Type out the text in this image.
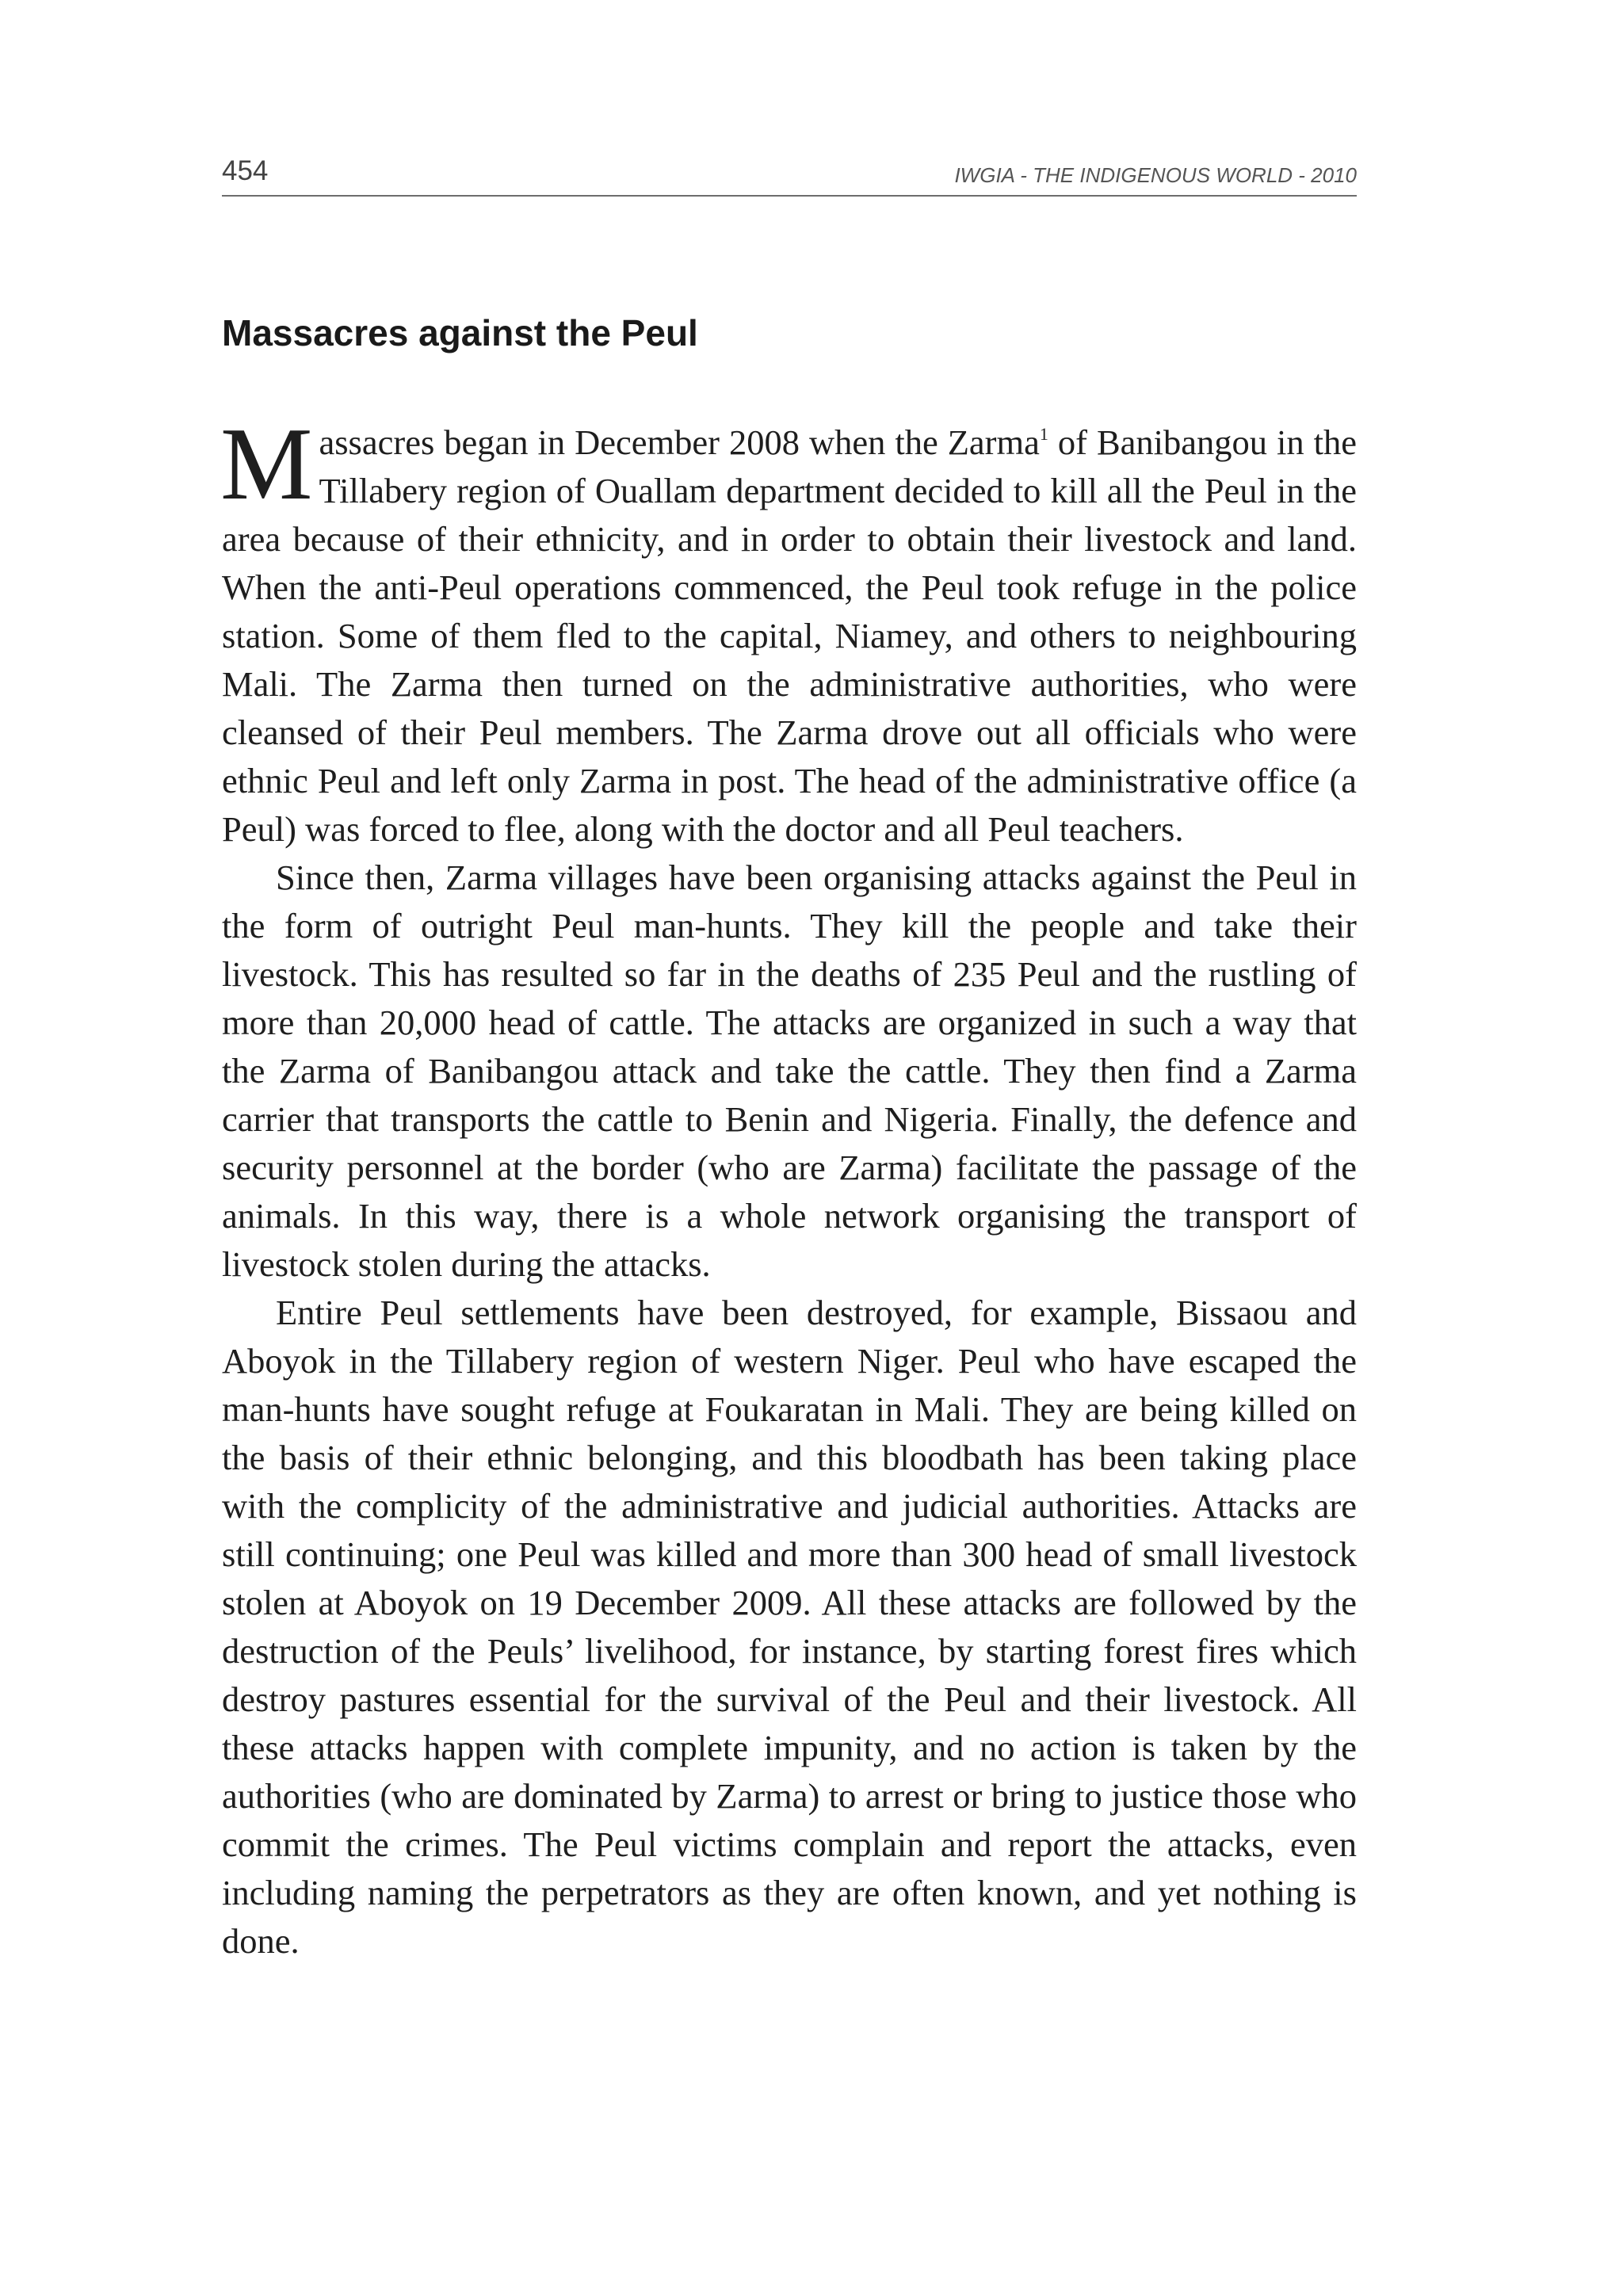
454	IWGIA - THE INDIGENOUS WORLD - 2010
Massacres against the Peul

Massacres began in December 2008 when the Zarma$^1$ of Banibangou in the Tillabery region of Ouallam department decided to kill all the Peul in the area because of their ethnicity, and in order to obtain their livestock and land. When the anti-Peul operations commenced, the Peul took refuge in the police station. Some of them fled to the capital, Niamey, and others to neighbouring Mali. The Zarma then turned on the administrative authorities, who were cleansed of their Peul members. The Zarma drove out all officials who were ethnic Peul and left only Zarma in post. The head of the administrative office (a Peul) was forced to flee, along with the doctor and all Peul teachers.

Since then, Zarma villages have been organising attacks against the Peul in the form of outright Peul man-hunts. They kill the people and take their livestock. This has resulted so far in the deaths of 235 Peul and the rustling of more than 20,000 head of cattle. The attacks are organized in such a way that the Zarma of Banibangou attack and take the cattle. They then find a Zarma carrier that transports the cattle to Benin and Nigeria. Finally, the defence and security personnel at the border (who are Zarma) facilitate the passage of the animals. In this way, there is a whole network organising the transport of livestock stolen during the attacks.

Entire Peul settlements have been destroyed, for example, Bissaou and Aboyok in the Tillabery region of western Niger. Peul who have escaped the man-hunts have sought refuge at Foukaratan in Mali. They are being killed on the basis of their ethnic belonging, and this bloodbath has been taking place with the complicity of the administrative and judicial authorities. Attacks are still continuing; one Peul was killed and more than 300 head of small livestock stolen at Aboyok on 19 December 2009. All these attacks are followed by the destruction of the Peuls’ livelihood, for instance, by starting forest fires which destroy pastures essential for the survival of the Peul and their livestock. All these attacks happen with complete impunity, and no action is taken by the authorities (who are dominated by Zarma) to arrest or bring to justice those who commit the crimes. The Peul victims complain and report the attacks, even including naming the perpetrators as they are often known, and yet nothing is done.
